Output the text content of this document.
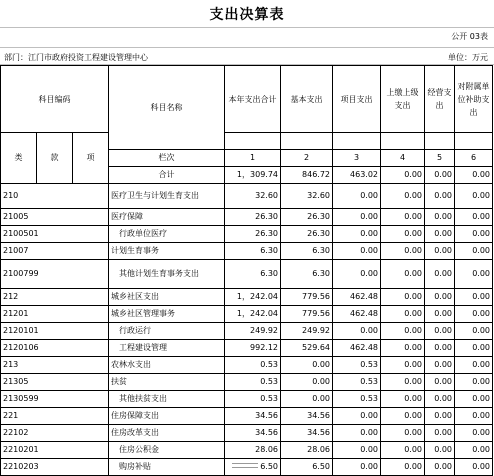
支出决算表
公开 03表
部门：江门市政府投资工程建设管理中心	单位：万元
科目编码			科目名称	本年支出合计	基本支出	项目支出	上缴上级支出	经营支出	对附属单位补助支出
类	款	项							
			栏次	1	2	3	4	5	6
			合计	1，309.74	846.72	463.02	0.00	0.00	0.00
210			医疗卫生与计划生育支出	32.60	32.60	0.00	0.00	0.00	0.00
21005			医疗保障	26.30	26.30	0.00	0.00	0.00	0.00
2100501			行政单位医疗	26.30	26.30	0.00	0.00	0.00	0.00
21007			计划生育事务	6.30	6.30	0.00	0.00	0.00	0.00
2100799			其他计划生育事务支出	6.30	6.30	0.00	0.00	0.00	0.00
212			城乡社区支出	1，242.04	779.56	462.48	0.00	0.00	0.00
21201			城乡社区管理事务	1，242.04	779.56	462.48	0.00	0.00	0.00
2120101			行政运行	249.92	249.92	0.00	0.00	0.00	0.00
2120106			工程建设管理	992.12	529.64	462.48	0.00	0.00	0.00
213			农林水支出	0.53	0.00	0.53	0.00	0.00	0.00
21305			扶贫	0.53	0.00	0.53	0.00	0.00	0.00
2130599			其他扶贫支出	0.53	0.00	0.53	0.00	0.00	0.00
221			住房保障支出	34.56	34.56	0.00	0.00	0.00	0.00
22102			住房改革支出	34.56	34.56	0.00	0.00	0.00	0.00
2210201			住房公积金	28.06	28.06	0.00	0.00	0.00	0.00
2210203			购房补贴	6.50	6.50	0.00	0.00	0.00	0.00
